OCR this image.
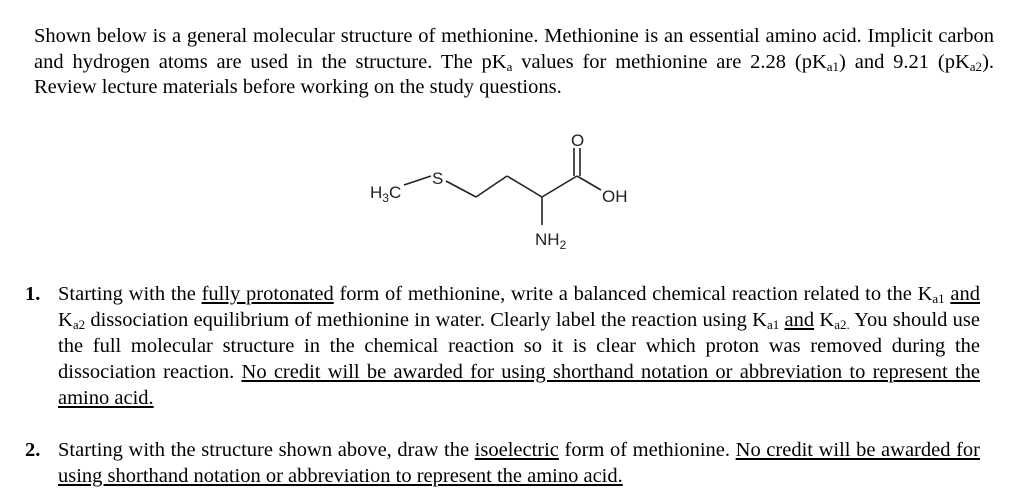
Shown below is a general molecular structure of methionine. Methionine is an essential amino acid. Implicit carbon and hydrogen atoms are used in the structure. The $pK_a$ values for methionine are 2.28 $(pK_{a1})$ and 9.21 $(pK_{a2})$. Review lecture materials before working on the study questions.
$H_3C$
S
O
OH
$NH_2$
1. Starting with the fully protonated form of methionine, write a balanced chemical reaction related to the $K_{a1}$ and $K_{a2}$ dissociation equilibrium of methionine in water. Clearly label the reaction using $K_{a1}$ and $K_{a2.}$ You should use the full molecular structure in the chemical reaction so it is clear which proton was removed during the dissociation reaction. No credit will be awarded for using shorthand notation or abbreviation to represent the amino acid.
2. Starting with the structure shown above, draw the isoelectric form of methionine. No credit will be awarded for using shorthand notation or abbreviation to represent the amino acid.
